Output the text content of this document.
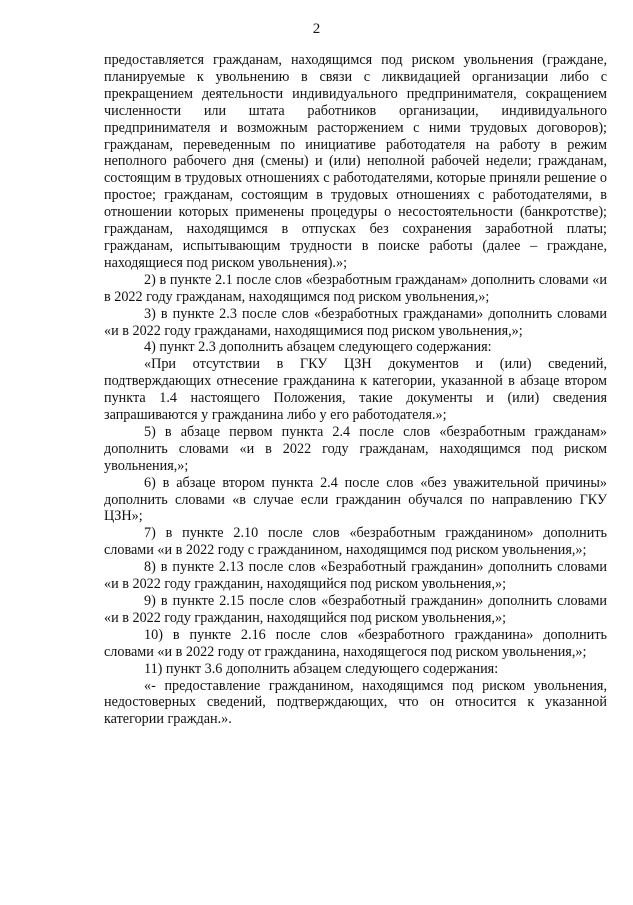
2

предоставляется гражданам, находящимся под риском увольнения (граждане, планируемые к увольнению в связи с ликвидацией организации либо с прекращением деятельности индивидуального предпринимателя, сокращением численности или штата работников организации, индивидуального предпринимателя и возможным расторжением с ними трудовых договоров); гражданам, переведенным по инициативе работодателя на работу в режим неполного рабочего дня (смены) и (или) неполной рабочей недели; гражданам, состоящим в трудовых отношениях с работодателями, которые приняли решение о простое; гражданам, состоящим в трудовых отношениях с работодателями, в отношении которых применены процедуры о несостоятельности (банкротстве); гражданам, находящимся в отпусках без сохранения заработной платы; гражданам, испытывающим трудности в поиске работы (далее – граждане, находящиеся под риском увольнения).»;

2) в пункте 2.1 после слов «безработным гражданам» дополнить словами «и в 2022 году гражданам, находящимся под риском увольнения,»;

3) в пункте 2.3 после слов «безработных гражданами» дополнить словами «и в 2022 году гражданами, находящимися под риском увольнения,»;

4) пункт 2.3 дополнить абзацем следующего содержания:

«При отсутствии в ГКУ ЦЗН документов и (или) сведений, подтверждающих отнесение гражданина к категории, указанной в абзаце втором пункта 1.4 настоящего Положения, такие документы и (или) сведения запрашиваются у гражданина либо у его работодателя.»;

5) в абзаце первом пункта 2.4 после слов «безработным гражданам» дополнить словами «и в 2022 году гражданам, находящимся под риском увольнения,»;

6) в абзаце втором пункта 2.4 после слов «без уважительной причины» дополнить словами «в случае если гражданин обучался по направлению ГКУ ЦЗН»;

7) в пункте 2.10 после слов «безработным гражданином» дополнить словами «и в 2022 году с гражданином, находящимся под риском увольнения,»;

8) в пункте 2.13 после слов «Безработный гражданин» дополнить словами «и в 2022 году гражданин, находящийся под риском увольнения,»;

9) в пункте 2.15 после слов «безработный гражданин» дополнить словами «и в 2022 году гражданин, находящийся под риском увольнения,»;

10) в пункте 2.16 после слов «безработного гражданина» дополнить словами «и в 2022 году от гражданина, находящегося под риском увольнения,»;

11) пункт 3.6 дополнить абзацем следующего содержания:

«- предоставление гражданином, находящимся под риском увольнения, недостоверных сведений, подтверждающих, что он относится к указанной категории граждан.».
